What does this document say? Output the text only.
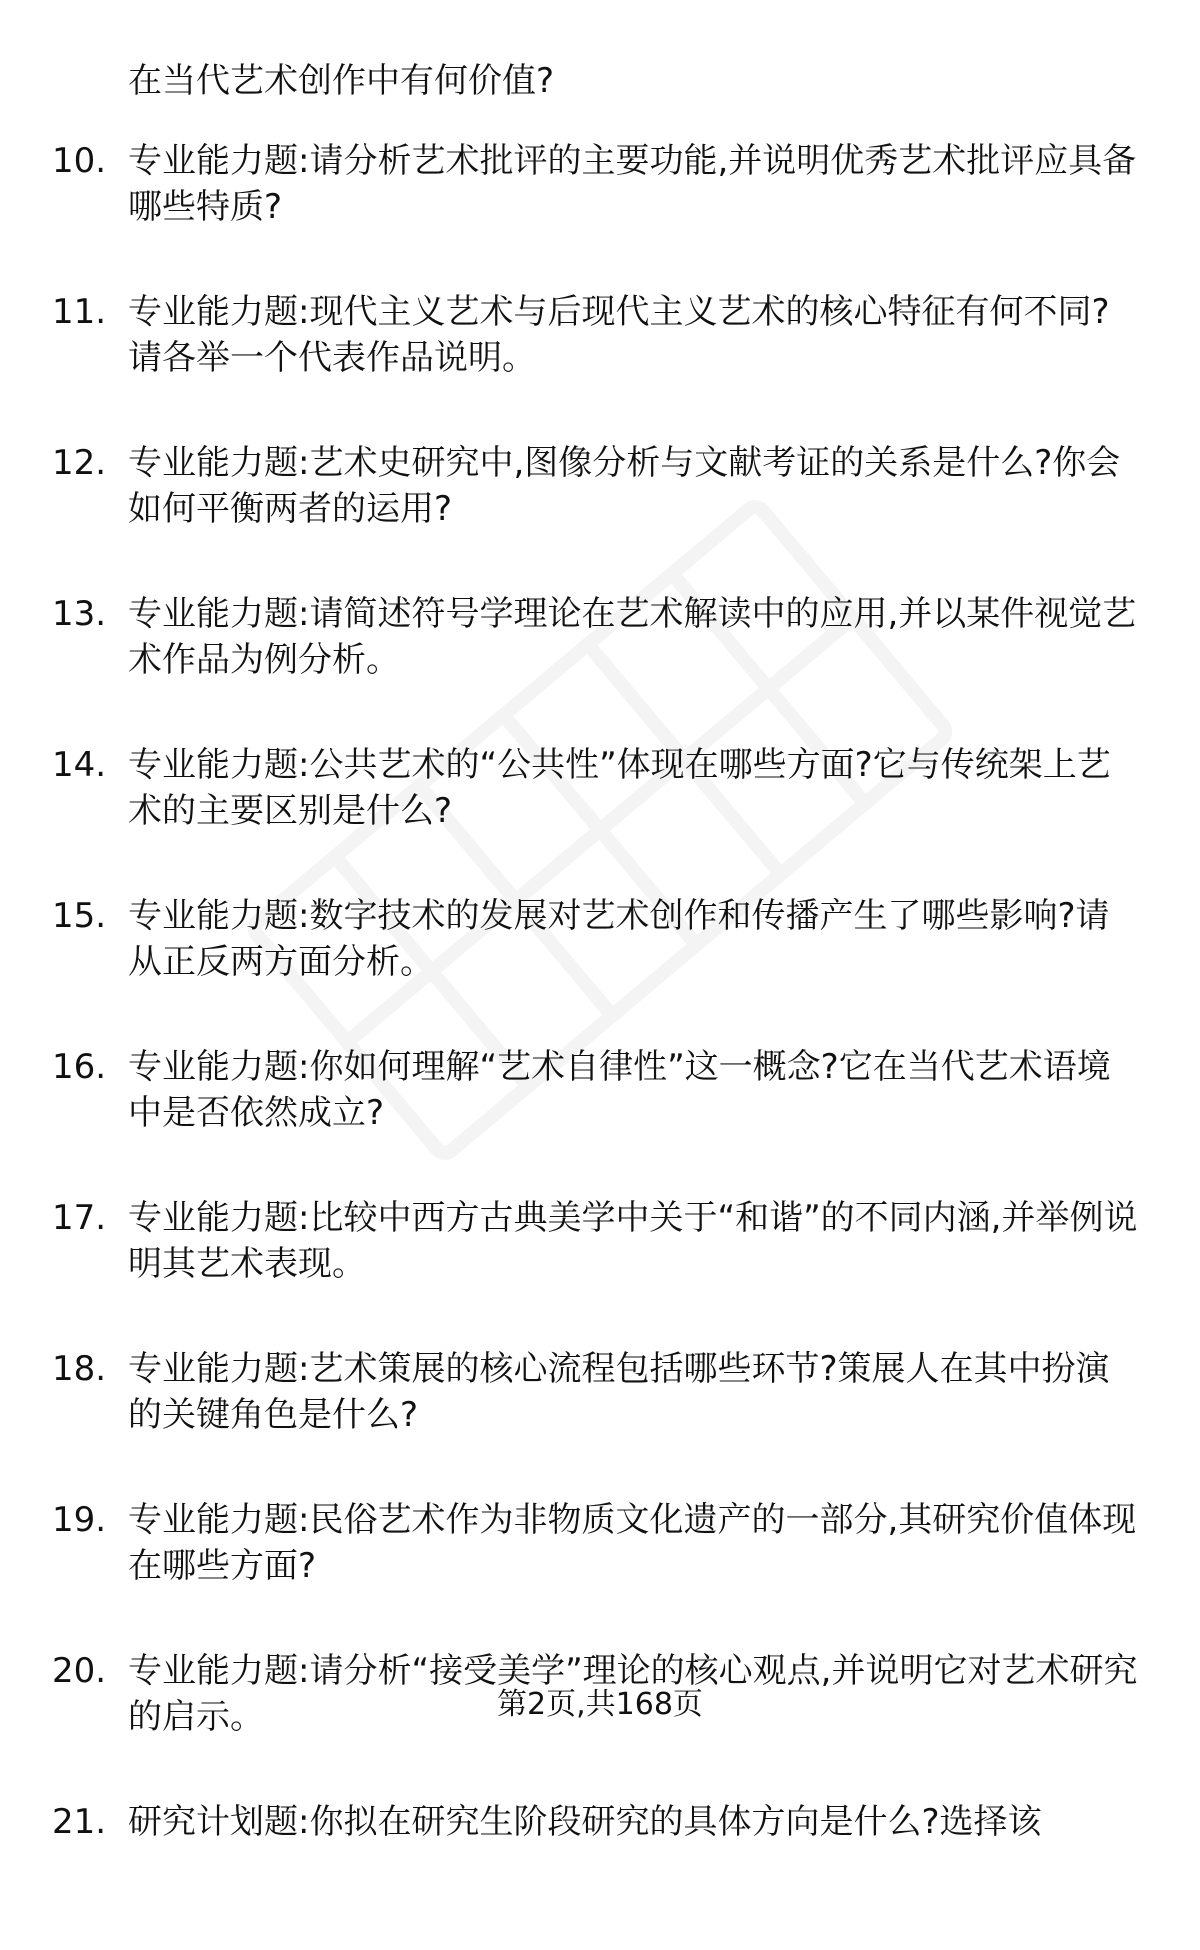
在当代艺术创作中有何价值?
10. 专业能力题:请分析艺术批评的主要功能,并说明优秀艺术批评应具备哪些特质?
11. 专业能力题:现代主义艺术与后现代主义艺术的核心特征有何不同?请各举一个代表作品说明。
12. 专业能力题:艺术史研究中,图像分析与文献考证的关系是什么?你会如何平衡两者的运用?
13. 专业能力题:请简述符号学理论在艺术解读中的应用,并以某件视觉艺术作品为例分析。
14. 专业能力题:公共艺术的“公共性”体现在哪些方面?它与传统架上艺术的主要区别是什么?
15. 专业能力题:数字技术的发展对艺术创作和传播产生了哪些影响?请从正反两方面分析。
16. 专业能力题:你如何理解“艺术自律性”这一概念?它在当代艺术语境中是否依然成立?
17. 专业能力题:比较中西方古典美学中关于“和谐”的不同内涵,并举例说明其艺术表现。
18. 专业能力题:艺术策展的核心流程包括哪些环节?策展人在其中扮演的关键角色是什么?
19. 专业能力题:民俗艺术作为非物质文化遗产的一部分,其研究价值体现在哪些方面?
20. 专业能力题:请分析“接受美学”理论的核心观点,并说明它对艺术研究的启示。
21. 研究计划题:你拟在研究生阶段研究的具体方向是什么?选择该
第2页,共168页
